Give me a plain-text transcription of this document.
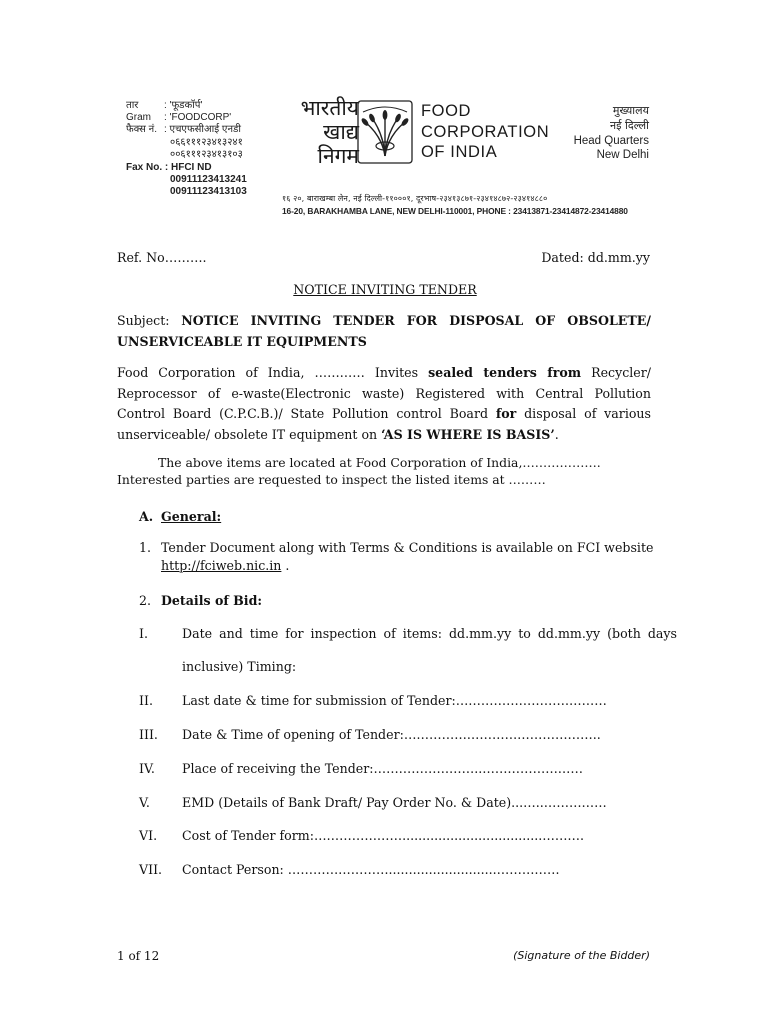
तार	: 'फूडकॉर्प'
Gram	: 'FOODCORP'
फैक्स नं. : एचएफसीआई एनडी
०६६१११२३४१३२४१
००६१११२३४१३१०३
Fax No. : HFCI ND
00911123413241
00911123413103
भारतीय
खाद्य
निगम
FOOD
CORPORATION
OF INDIA
मुख्यालय
नई दिल्ली
Head Quarters
New Delhi
१६ २०, बाराखम्बा लेन, नई दिल्ली-११०००१, दूरभाष-२३४१३८७१-२३४१४८७२-२३४१४८८०
16-20, BARAKHAMBA LANE, NEW DELHI-110001, PHONE : 23413871-23414872-23414880
Ref. No……….	Dated: dd.mm.yy
NOTICE INVITING TENDER
Subject: NOTICE INVITING TENDER FOR DISPOSAL OF OBSOLETE/ UNSERVICEABLE IT EQUIPMENTS
Food Corporation of India, ………… Invites sealed tenders from Recycler/ Reprocessor of e-waste(Electronic waste) Registered with Central Pollution Control Board (C.P.C.B.)/ State Pollution control Board for disposal of various unserviceable/ obsolete IT equipment on ‘AS IS WHERE IS BASIS’.
The above items are located at Food Corporation of India,……………….
Interested parties are requested to inspect the listed items at ………
A. General:
1. Tender Document along with Terms & Conditions is available on FCI website http://fciweb.nic.in .
2. Details of Bid:
I.	Date and time for inspection of items: dd.mm.yy to dd.mm.yy (both days
inclusive) Timing:
II. Last date & time for submission of Tender:………………………………
III. Date & Time of opening of Tender:………………………………………..
IV. Place of receiving the Tender:……………………..……………………
V.	EMD (Details of Bank Draft/ Pay Order No. & Date)...…..……………
VI. Cost of Tender form:…………………...................................……….
VII. Contact Person: ……………………...........................……………
1 of 12	(Signature of the Bidder)
